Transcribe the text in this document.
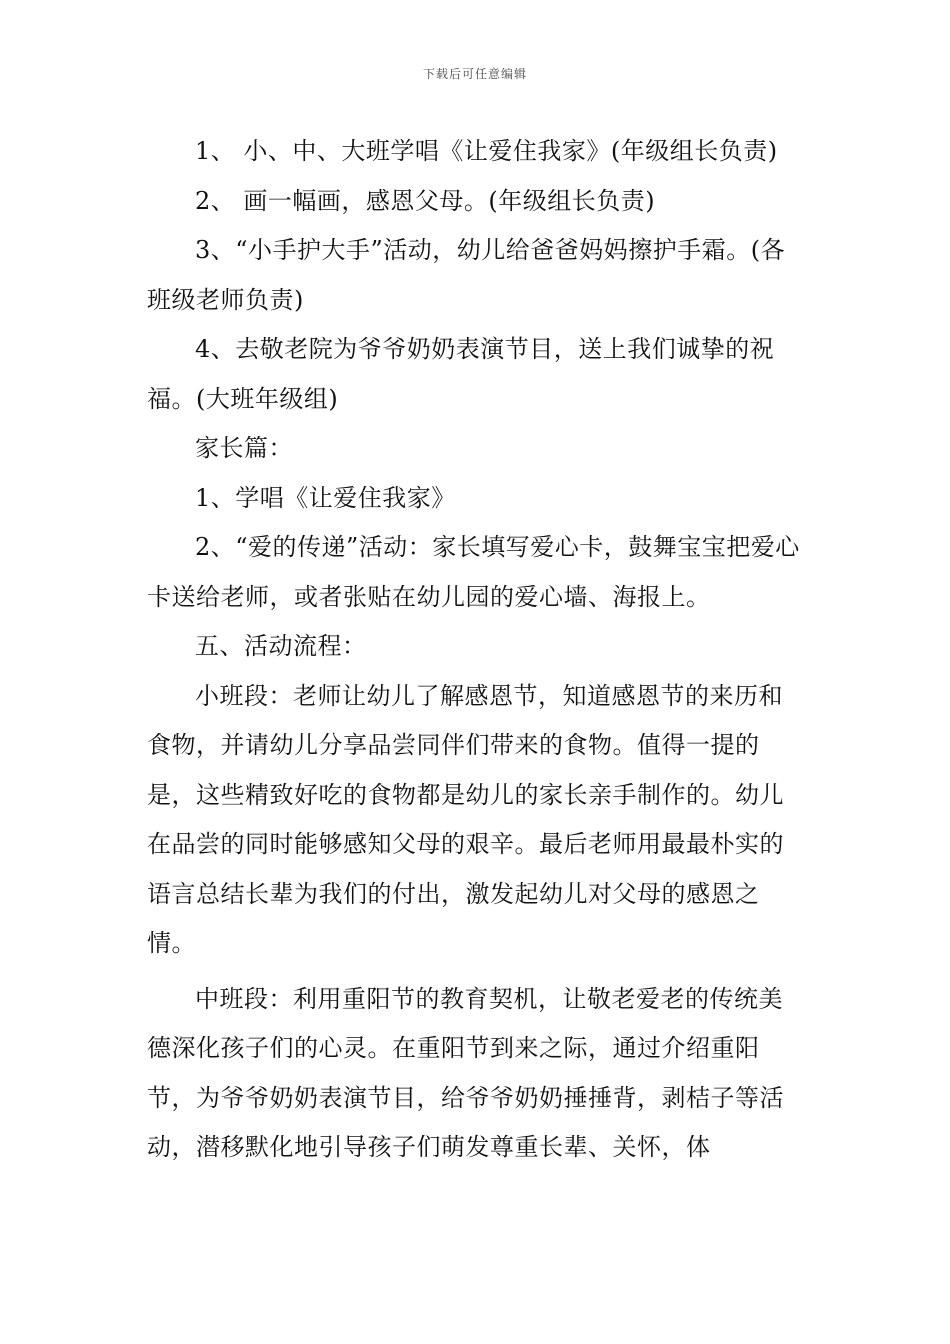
下载后可任意编辑

1、 小、中、大班学唱《让爱住我家》(年级组长负责)

2、 画一幅画，感恩父母。(年级组长负责)

3、“小手护大手”活动，幼儿给爸爸妈妈擦护手霜。(各班级老师负责)

4、去敬老院为爷爷奶奶表演节目，送上我们诚挚的祝福。(大班年级组)

家长篇：

1、学唱《让爱住我家》

2、“爱的传递”活动：家长填写爱心卡，鼓舞宝宝把爱心卡送给老师，或者张贴在幼儿园的爱心墙、海报上。

五、活动流程：

小班段：老师让幼儿了解感恩节，知道感恩节的来历和食物，并请幼儿分享品尝同伴们带来的食物。值得一提的是，这些精致好吃的食物都是幼儿的家长亲手制作的。幼儿在品尝的同时能够感知父母的艰辛。最后老师用最最朴实的语言总结长辈为我们的付出，激发起幼儿对父母的感恩之情。

中班段：利用重阳节的教育契机，让敬老爱老的传统美德深化孩子们的心灵。在重阳节到来之际，通过介绍重阳节，为爷爷奶奶表演节目，给爷爷奶奶捶捶背，剥桔子等活动，潜移默化地引导孩子们萌发尊重长辈、关怀，体
